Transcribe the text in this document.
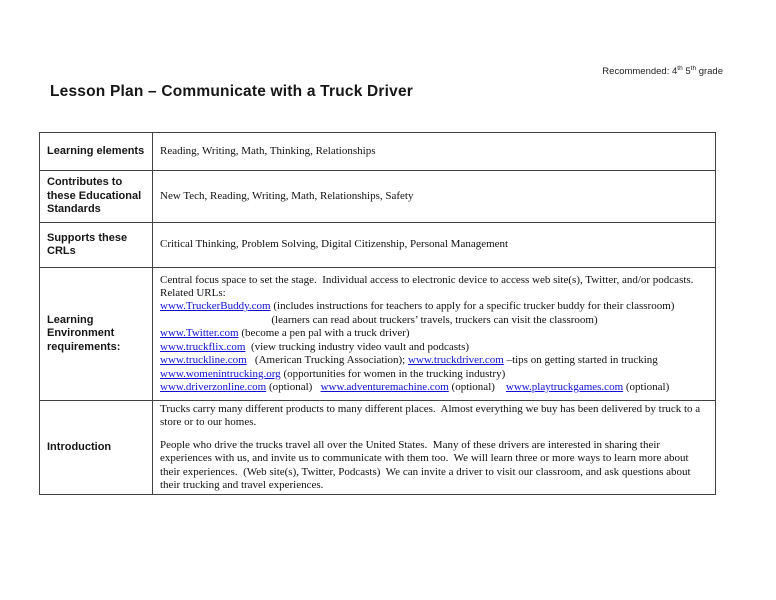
Recommended: 4th 5th grade
Lesson Plan – Communicate with a Truck Driver
Learning elements	Reading, Writing, Math, Thinking, Relationships
Contributes to these Educational Standards	New Tech, Reading, Writing, Math, Relationships, Safety
Supports these CRLs	Critical Thinking, Problem Solving, Digital Citizenship, Personal Management
Learning Environment requirements:	
Central focus space to set the stage.  Individual access to electronic device to access web site(s), Twitter, and/or podcasts.  Related URLs:
www.TruckerBuddy.com (includes instructions for teachers to apply for a specific trucker buddy for their classroom)
(learners can read about truckers’ travels, truckers can visit the classroom)
www.Twitter.com (become a pen pal with a truck driver)
www.truckflix.com  (view trucking industry video vault and podcasts)
www.truckline.com   (American Trucking Association); www.truckdriver.com –tips on getting started in trucking
www.womenintrucking.org (opportunities for women in the trucking industry)
www.driverzonline.com (optional)   www.adventuremachine.com (optional)    www.playtruckgames.com (optional)

Introduction	Trucks carry many different products to many different places.  Almost everything we buy has been delivered by truck to a store or to our homes.

People who drive the trucks travel all over the United States.  Many of these drivers are interested in sharing their experiences with us, and invite us to communicate with them too.  We will learn three or more ways to learn more about their experiences.  (Web site(s), Twitter, Podcasts)  We can invite a driver to visit our classroom, and ask questions about their trucking and travel experiences.
